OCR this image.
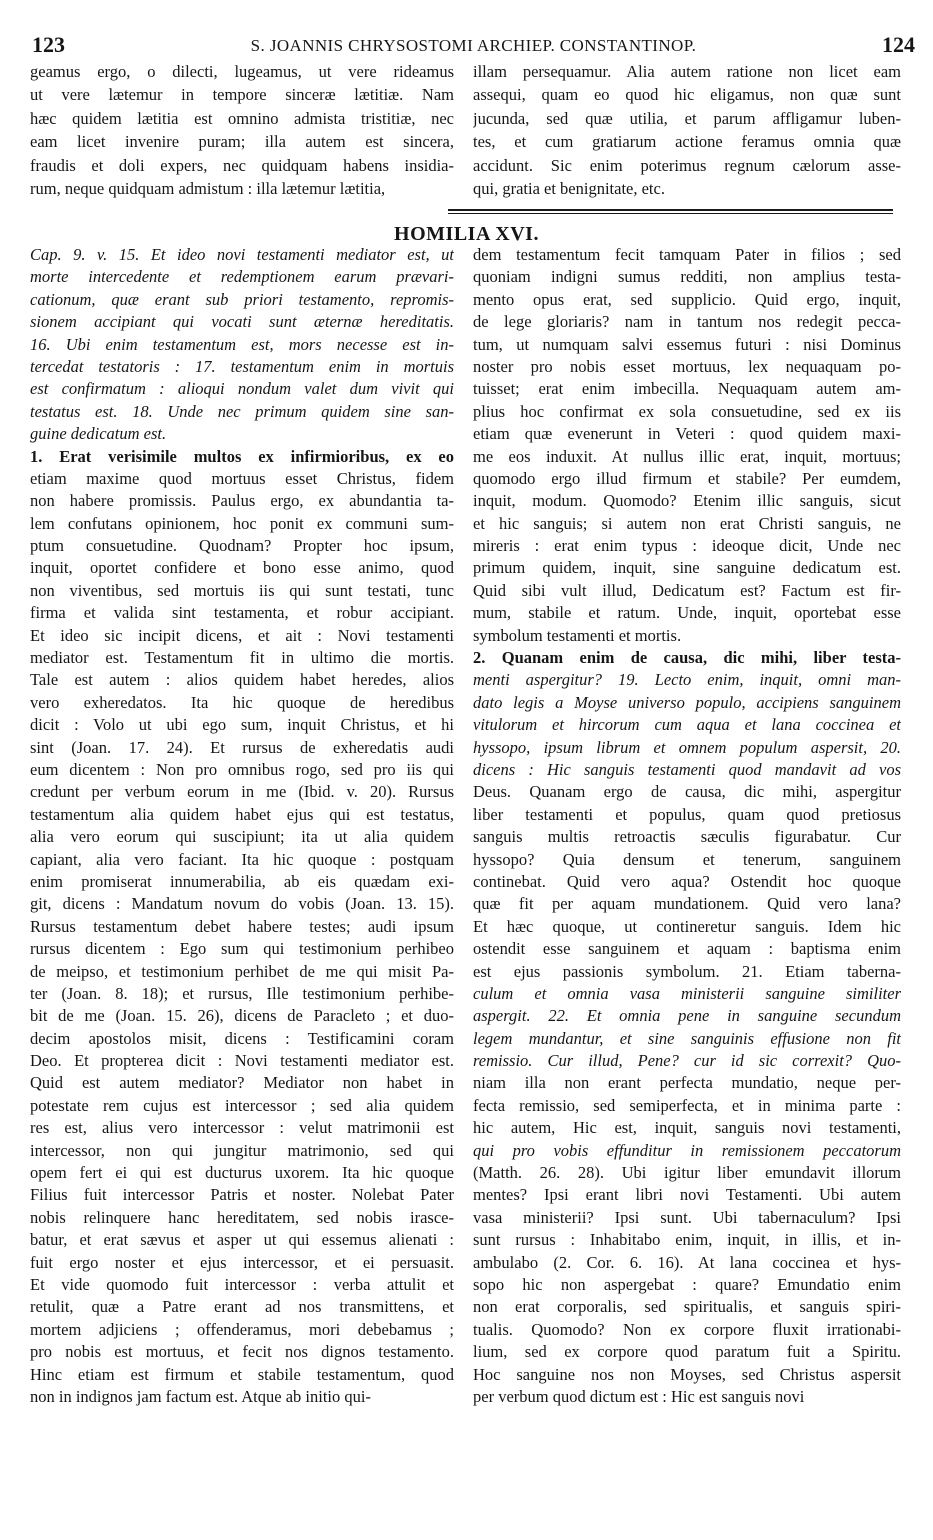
123	S. JOANNIS CHRYSOSTOMI ARCHIEP. CONSTANTINOP.	124
geamus ergo, o dilecti, lugeamus, ut vere rideamus
ut vere lætemur in tempore sinceræ lætitiæ. Nam
hæc quidem lætitia est omnino admista tristitiæ, nec
eam licet invenire puram; illa autem est sincera,
fraudis et doli expers, nec quidquam habens insidia-
rum, neque quidquam admistum : illa lætemur lætitia,
illam persequamur. Alia autem ratione non licet eam
assequi, quam eo quod hic eligamus, non quæ sunt
jucunda, sed quæ utilia, et parum affligamur luben-
tes, et cum gratiarum actione feramus omnia quæ
accidunt. Sic enim poterimus regnum cælorum asse-
qui, gratia et benignitate, etc.
HOMILIA XVI.
Cap. 9. v. 15. Et ideo novi testamenti mediator est, ut
morte intercedente et redemptionem earum prævari-
cationum, quæ erant sub priori testamento, repromis-
sionem accipiant qui vocati sunt æternæ hereditatis.
16. Ubi enim testamentum est, mors necesse est in-
tercedat testatoris : 17. testamentum enim in mortuis
est confirmatum : alioqui nondum valet dum vivit qui
testatus est. 18. Unde nec primum quidem sine san-
guine dedicatum est.
1. Erat verisimile multos ex infirmioribus, ex eo
etiam maxime quod mortuus esset Christus, fidem
non habere promissis. Paulus ergo, ex abundantia ta-
lem confutans opinionem, hoc ponit ex communi sum-
ptum consuetudine. Quodnam? Propter hoc ipsum,
inquit, oportet confidere et bono esse animo, quod
non viventibus, sed mortuis iis qui sunt testati, tunc
firma et valida sint testamenta, et robur accipiant.
Et ideo sic incipit dicens, et ait : Novi testamenti
mediator est. Testamentum fit in ultimo die mortis.
Tale est autem : alios quidem habet heredes, alios
vero exheredatos. Ita hic quoque de heredibus
dicit : Volo ut ubi ego sum, inquit Christus, et hi
sint (Joan. 17. 24). Et rursus de exheredatis audi
eum dicentem : Non pro omnibus rogo, sed pro iis qui
credunt per verbum eorum in me (Ibid. v. 20). Rursus
testamentum alia quidem habet ejus qui est testatus,
alia vero eorum qui suscipiunt; ita ut alia quidem
capiant, alia vero faciant. Ita hic quoque : postquam
enim promiserat innumerabilia, ab eis quædam exi-
git, dicens : Mandatum novum do vobis (Joan. 13. 15).
Rursus testamentum debet habere testes; audi ipsum
rursus dicentem : Ego sum qui testimonium perhibeo
de meipso, et testimonium perhibet de me qui misit Pa-
ter (Joan. 8. 18); et rursus, Ille testimonium perhibe-
bit de me (Joan. 15. 26), dicens de Paracleto ; et duo-
decim apostolos misit, dicens : Testificamini coram
Deo. Et propterea dicit : Novi testamenti mediator est.
Quid est autem mediator? Mediator non habet in
potestate rem cujus est intercessor ; sed alia quidem
res est, alius vero intercessor : velut matrimonii est
intercessor, non qui jungitur matrimonio, sed qui
opem fert ei qui est ducturus uxorem. Ita hic quoque
Filius fuit intercessor Patris et noster. Nolebat Pater
nobis relinquere hanc hereditatem, sed nobis irasce-
batur, et erat sævus et asper ut qui essemus alienati :
fuit ergo noster et ejus intercessor, et ei persuasit.
Et vide quomodo fuit intercessor : verba attulit et
retulit, quæ a Patre erant ad nos transmittens, et
mortem adjiciens ; offenderamus, mori debebamus ;
pro nobis est mortuus, et fecit nos dignos testamento.
Hinc etiam est firmum et stabile testamentum, quod
non in indignos jam factum est. Atque ab initio qui-
dem testamentum fecit tamquam Pater in filios ; sed
quoniam indigni sumus redditi, non amplius testa-
mento opus erat, sed supplicio. Quid ergo, inquit,
de lege gloriaris? nam in tantum nos redegit pecca-
tum, ut numquam salvi essemus futuri : nisi Dominus
noster pro nobis esset mortuus, lex nequaquam po-
tuisset; erat enim imbecilla. Nequaquam autem am-
plius hoc confirmat ex sola consuetudine, sed ex iis
etiam quæ evenerunt in Veteri : quod quidem maxi-
me eos induxit. At nullus illic erat, inquit, mortuus;
quomodo ergo illud firmum et stabile? Per eumdem,
inquit, modum. Quomodo? Etenim illic sanguis, sicut
et hic sanguis; si autem non erat Christi sanguis, ne
mireris : erat enim typus : ideoque dicit, Unde nec
primum quidem, inquit, sine sanguine dedicatum est.
Quid sibi vult illud, Dedicatum est? Factum est fir-
mum, stabile et ratum. Unde, inquit, oportebat esse
symbolum testamenti et mortis.
2. Quanam enim de causa, dic mihi, liber testa-
menti aspergitur? 19. Lecto enim, inquit, omni man-
dato legis a Moyse universo populo, accipiens sanguinem
vitulorum et hircorum cum aqua et lana coccinea et
hyssopo, ipsum librum et omnem populum aspersit, 20.
dicens : Hic sanguis testamenti quod mandavit ad vos
Deus. Quanam ergo de causa, dic mihi, aspergitur
liber testamenti et populus, quam quod pretiosus
sanguis multis retroactis sæculis figurabatur. Cur
hyssopo? Quia densum et tenerum, sanguinem
continebat. Quid vero aqua? Ostendit hoc quoque
quæ fit per aquam mundationem. Quid vero lana?
Et hæc quoque, ut contineretur sanguis. Idem hic
ostendit esse sanguinem et aquam : baptisma enim
est ejus passionis symbolum. 21. Etiam taberna-
culum et omnia vasa ministerii sanguine similiter
aspergit. 22. Et omnia pene in sanguine secundum
legem mundantur, et sine sanguinis effusione non fit
remissio. Cur illud, Pene? cur id sic correxit? Quo-
niam illa non erant perfecta mundatio, neque per-
fecta remissio, sed semiperfecta, et in minima parte :
hic autem, Hic est, inquit, sanguis novi testamenti,
qui pro vobis effunditur in remissionem peccatorum
(Matth. 26. 28). Ubi igitur liber emundavit illorum
mentes? Ipsi erant libri novi Testamenti. Ubi autem
vasa ministerii? Ipsi sunt. Ubi tabernaculum? Ipsi
sunt rursus : Inhabitabo enim, inquit, in illis, et in-
ambulabo (2. Cor. 6. 16). At lana coccinea et hys-
sopo hic non aspergebat : quare? Emundatio enim
non erat corporalis, sed spiritualis, et sanguis spiri-
tualis. Quomodo? Non ex corpore fluxit irrationabi-
lium, sed ex corpore quod paratum fuit a Spiritu.
Hoc sanguine nos non Moyses, sed Christus aspersit
per verbum quod dictum est : Hic est sanguis novi
